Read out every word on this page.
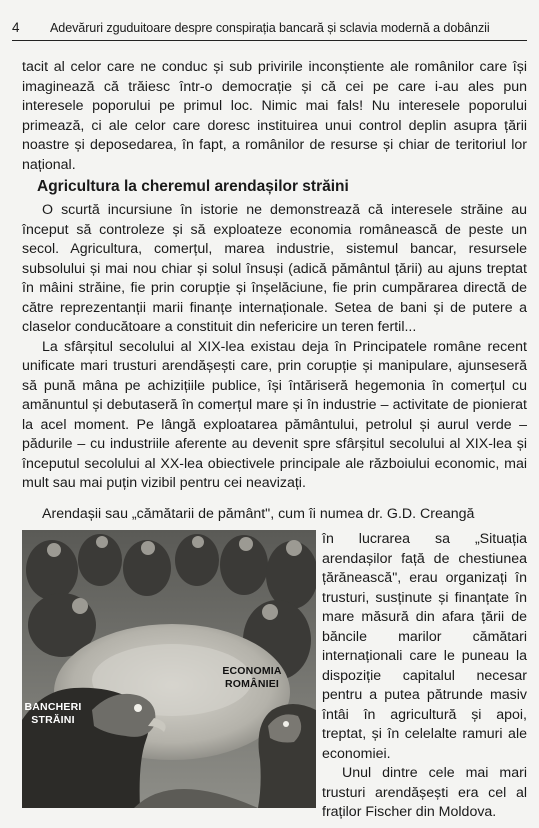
4 Adevăruri zguduitoare despre conspirația bancară și sclavia modernă a dobânzii

tacit al celor care ne conduc și sub privirile inconștiente ale românilor care își imaginează că trăiesc într-o democrație și că cei pe care i-au ales pun interesele poporului pe primul loc. Nimic mai fals! Nu interesele poporului primează, ci ale celor care doresc instituirea unui control deplin asupra țării noastre și deposedarea, în fapt, a românilor de resurse și chiar de teritoriul lor național.

Agricultura la cheremul arendașilor străini

O scurtă incursiune în istorie ne demonstrează că interesele străine au început să controleze și să exploateze economia românească de peste un secol. Agricultura, comerțul, marea industrie, sistemul bancar, resursele subsolului și mai nou chiar și solul însuși (adică pământul țării) au ajuns treptat în mâini străine, fie prin corupție și înșelăciune, fie prin cumpărarea directă de către reprezentanții marii finanțe internaționale. Setea de bani și de putere a claselor conducătoare a constituit din nefericire un teren fertil...

La sfârșitul secolului al XIX-lea existau deja în Principatele române recent unificate mari trusturi arendășești care, prin corupție și manipulare, ajunseseră să pună mâna pe achizițiile publice, își întăriseră hegemonia în comerțul cu amănuntul și debutaseră în comerțul mare și în industrie – activitate de pionierat la acel moment. Pe lângă exploatarea pământului, petrolul și aurul verde – pădurile – cu industriile aferente au devenit spre sfârșitul secolului al XIX-lea și începutul secolului al XX-lea obiectivele principale ale războiului economic, mai mult sau mai puțin vizibil pentru cei neavizați.

Arendașii sau „cămătarii de pământ", cum îi numea dr. G.D. Creangă

ECONOMIA ROMÂNIEI
BANCHERI STRĂINI

în lucrarea sa „Situația arendașilor față de chestiunea țărănească", erau organizați în trusturi, susținute și finanțate în mare măsură din afara țării de băncile marilor cămătari internaționali care le puneau la dispoziție capitalul necesar pentru a putea pătrunde masiv întâi în agricultură și apoi, treptat, și în celelalte ramuri ale economiei.

Unul dintre cele mai mari trusturi arendășești era cel al fraților Fischer din Moldova.
